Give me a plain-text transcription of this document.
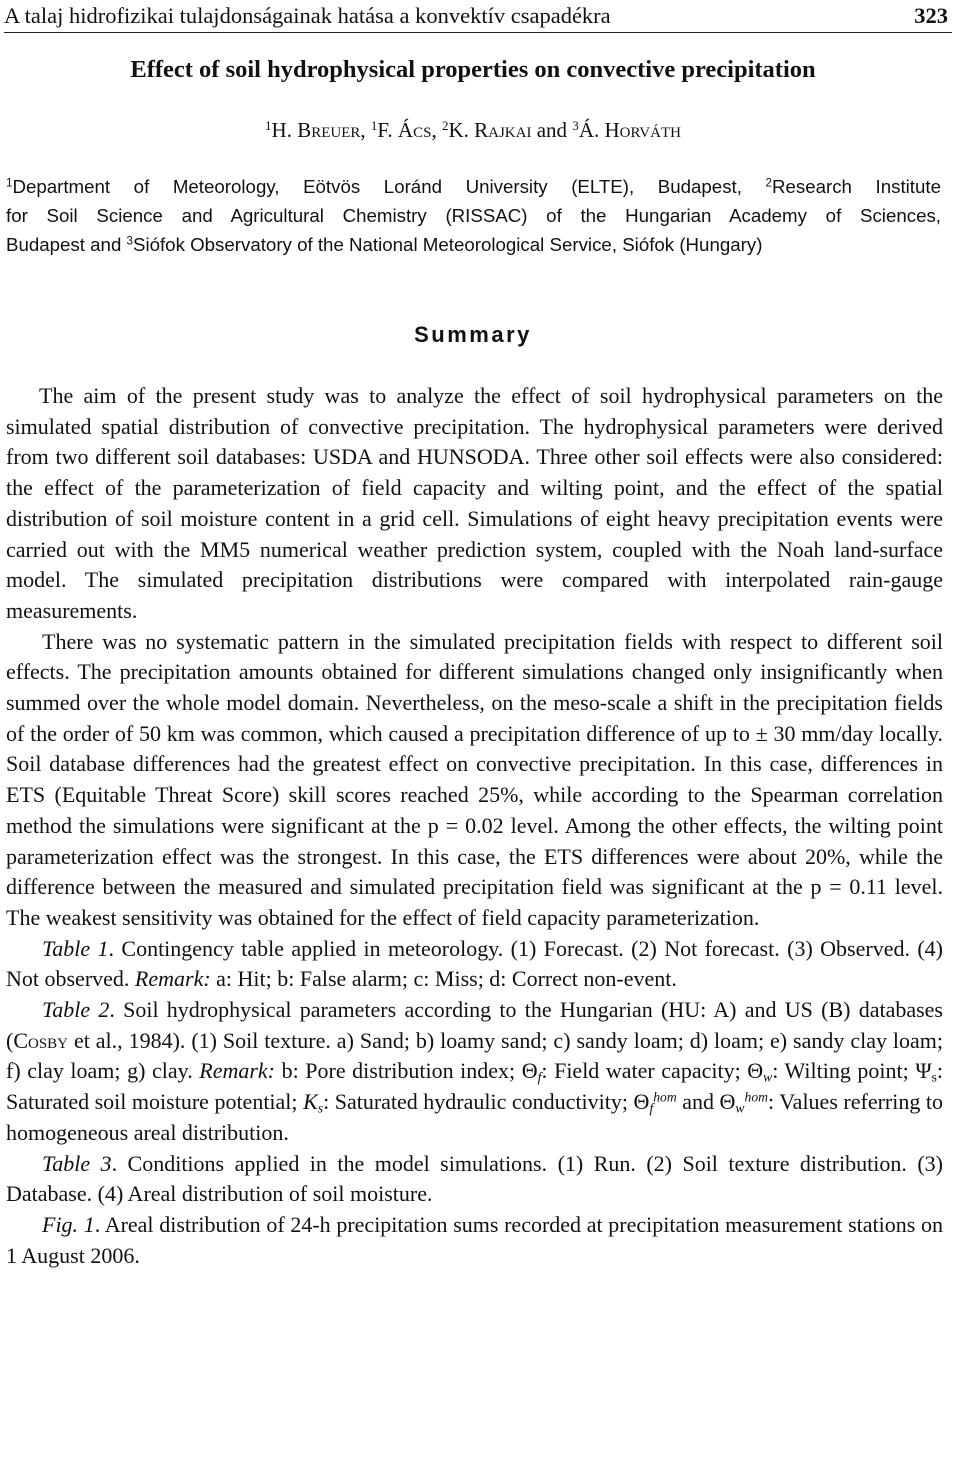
A talaj hidrofizikai tulajdonságainak hatása a konvektív csapadékra	323
Effect of soil hydrophysical properties on convective precipitation
$^1$H. Breuer, $^1$F. Ács, $^2$K. Rajkai and $^3$Á. Horváth
$^1$Department of Meteorology, Eötvös Loránd University (ELTE), Budapest, $^2$Research Institute
for Soil Science and Agricultural Chemistry (RISSAC) of the Hungarian Academy of Sciences,
Budapest and $^3$Siófok Observatory of the National Meteorological Service, Siófok (Hungary)
Summary

The aim of the present study was to analyze the effect of soil hydrophysical parameters on the simulated spatial distribution of convective precipitation. The hydrophysical parameters were derived from two different soil databases: USDA and HUNSODA. Three other soil effects were also considered: the effect of the parameterization of field capacity and wilting point, and the effect of the spatial distribution of soil moisture content in a grid cell. Simulations of eight heavy precipitation events were carried out with the MM5 numerical weather prediction system, coupled with the Noah land-surface model. The simulated precipitation distributions were compared with interpolated rain-gauge measurements.

There was no systematic pattern in the simulated precipitation fields with respect to different soil effects. The precipitation amounts obtained for different simulations changed only insignificantly when summed over the whole model domain. Nevertheless, on the meso-scale a shift in the precipitation fields of the order of 50 km was common, which caused a precipitation difference of up to ± 30 mm/day locally. Soil database differences had the greatest effect on convective precipitation. In this case, differences in ETS (Equitable Threat Score) skill scores reached 25%, while according to the Spearman correlation method the simulations were significant at the p = 0.02 level. Among the other effects, the wilting point parameterization effect was the strongest. In this case, the ETS differences were about 20%, while the difference between the measured and simulated precipitation field was significant at the p = 0.11 level. The weakest sensitivity was obtained for the effect of field capacity parameterization.

Table 1. Contingency table applied in meteorology. (1) Forecast. (2) Not forecast. (3) Observed. (4) Not observed. Remark: a: Hit; b: False alarm; c: Miss; d: Correct non-event.

Table 2. Soil hydrophysical parameters according to the Hungarian (HU: A) and US (B) databases (Cosby et al., 1984). (1) Soil texture. a) Sand; b) loamy sand; c) sandy loam; d) loam; e) sandy clay loam; f) clay loam; g) clay. Remark: b: Pore distribution index; $\Theta_f$: Field water capacity; $\Theta_w$: Wilting point; $\Psi_s$: Saturated soil moisture potential; $K_s$: Saturated hydraulic conductivity; $\Theta_f^{hom}$ and $\Theta_w^{hom}$: Values referring to homogeneous areal distribution.

Table 3. Conditions applied in the model simulations. (1) Run. (2) Soil texture distribution. (3) Database. (4) Areal distribution of soil moisture.

Fig. 1. Areal distribution of 24-h precipitation sums recorded at precipitation measurement stations on 1 August 2006.
